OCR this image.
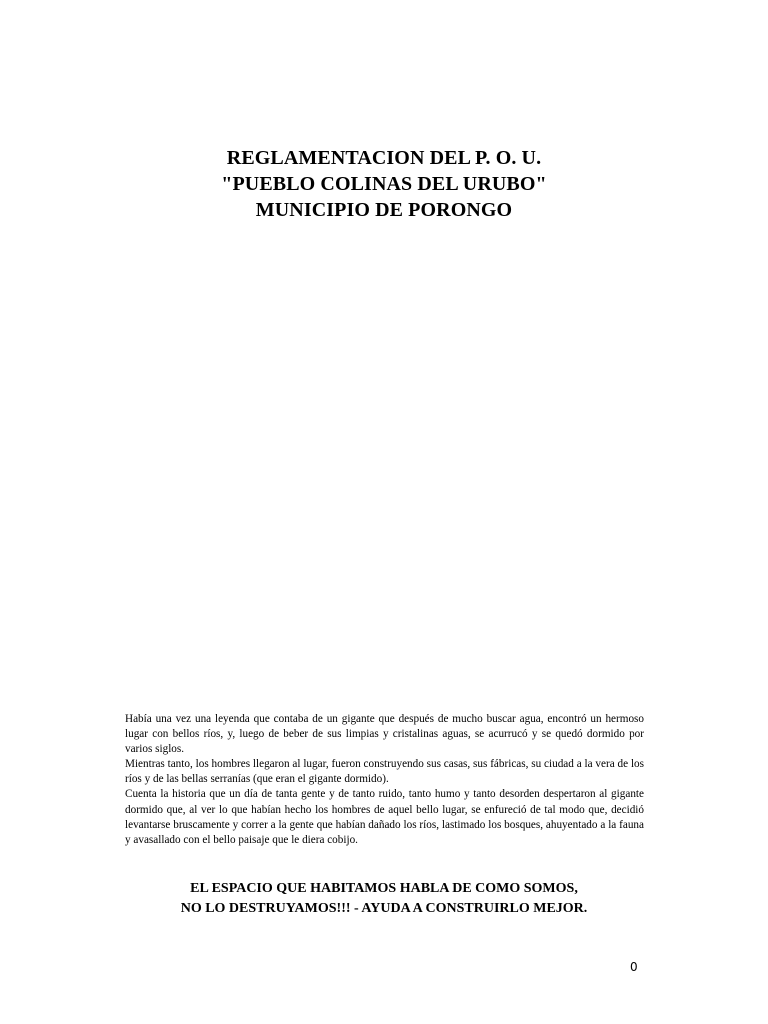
REGLAMENTACION DEL P. O. U.
"PUEBLO COLINAS DEL URUBO"
MUNICIPIO DE PORONGO

Había una vez una leyenda que contaba de un gigante que después de mucho buscar agua, encontró un hermoso lugar con bellos ríos, y, luego de beber de sus limpias y cristalinas aguas, se acurrucó y se quedó dormido por varios siglos.

Mientras tanto, los hombres llegaron al lugar, fueron construyendo sus casas, sus fábricas, su ciudad a la vera de los ríos y de las bellas serranías (que eran el gigante dormido).

Cuenta la historia que un día de tanta gente y de tanto ruido, tanto humo y tanto desorden despertaron al gigante dormido que, al ver lo que habían hecho los hombres de aquel bello lugar, se enfureció de tal modo que, decidió levantarse bruscamente y correr a la gente que habían dañado los ríos, lastimado los bosques, ahuyentado a la fauna y avasallado con el bello paisaje que le diera cobijo.

EL ESPACIO QUE HABITAMOS HABLA DE COMO SOMOS,
NO LO DESTRUYAMOS!!! - AYUDA A CONSTRUIRLO MEJOR.
0
